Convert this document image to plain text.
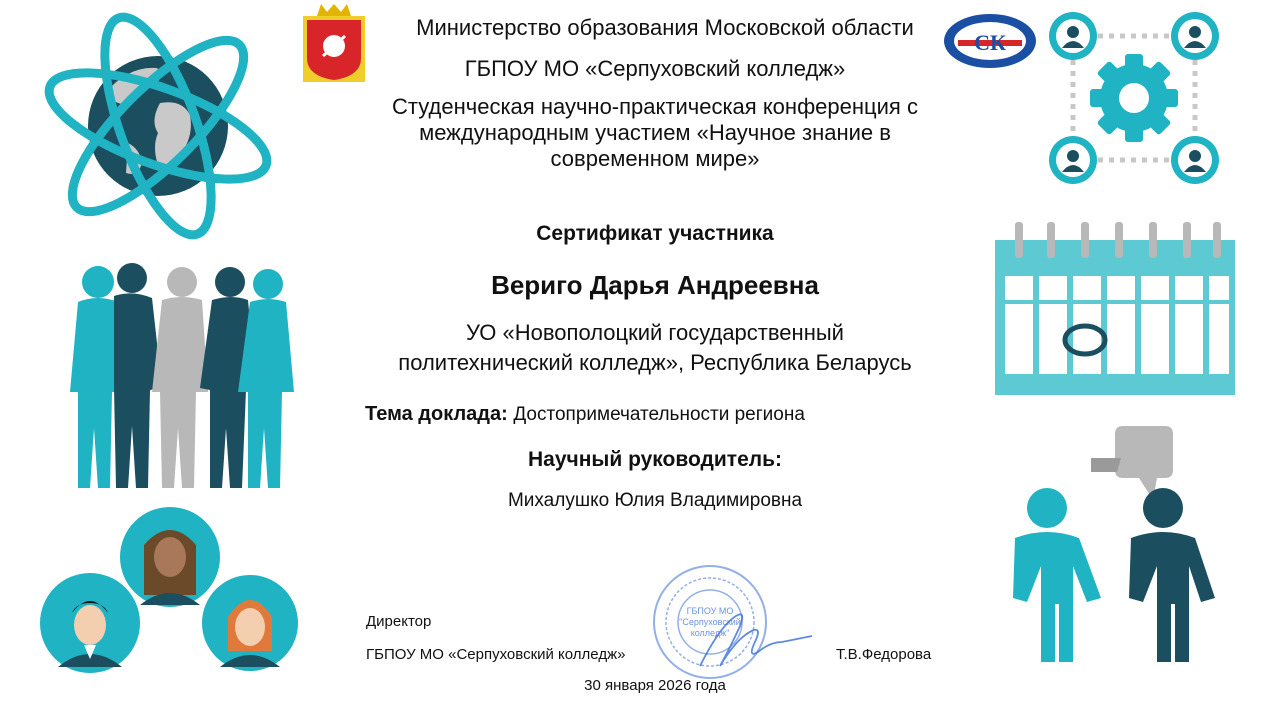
СК
Министерство образования Московской области
ГБПОУ МО «Серпуховский колледж»
Студенческая научно-практическая конференция с
международным участием «Научное знание в
современном мире»
Сертификат участника
Вериго Дарья Андреевна
УО «Новополоцкий государственный
политехнический колледж», Республика Беларусь
Тема доклада: Достопримечательности региона
Научный руководитель:
Михалушко Юлия Владимировна
ГБПОУ МО
"Серпуховский
колледж"
Директор
ГБПОУ МО «Серпуховский колледж»	Т.В.Федорова
30 января 2026 года
